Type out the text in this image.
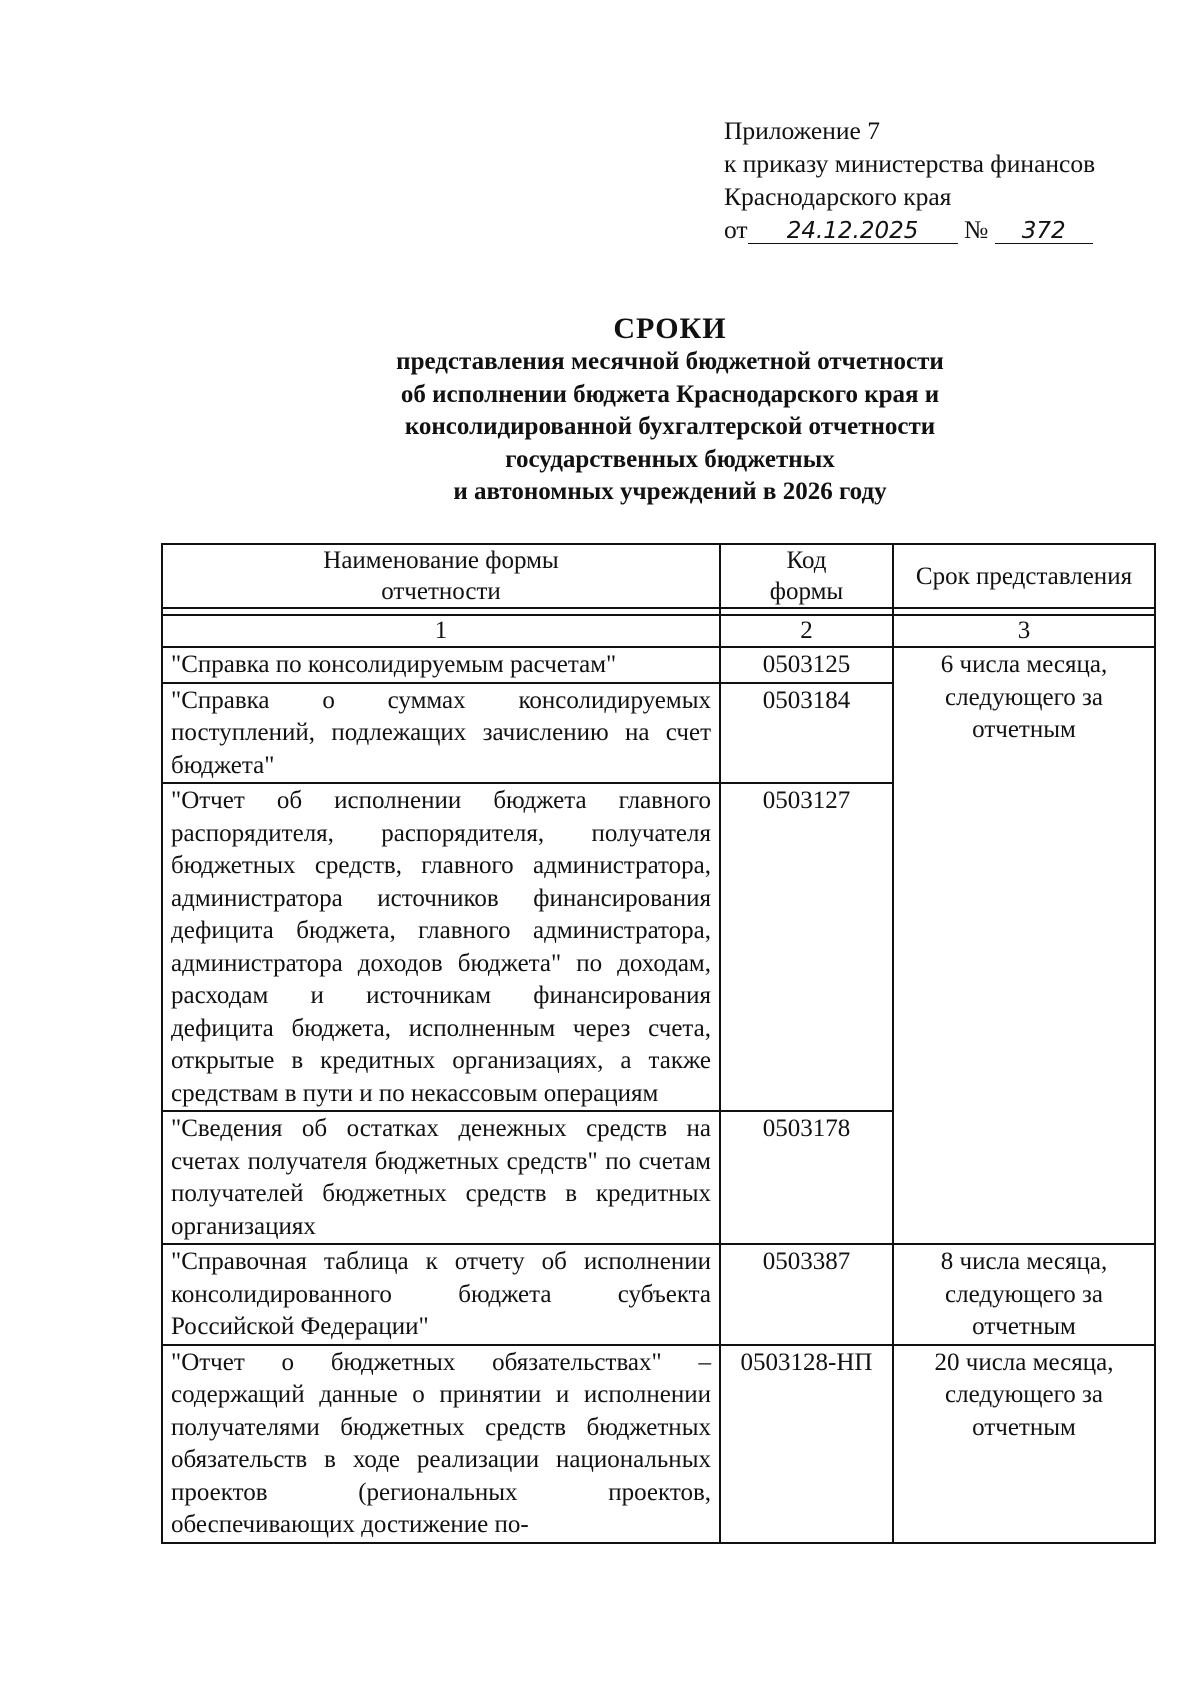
Приложение 7
к приказу министерства финансов
Краснодарского края
от 24.12.2025 № 372
СРОКИ
представления месячной бюджетной отчетности
об исполнении бюджета Краснодарского края и
консолидированной бухгалтерской отчетности
государственных бюджетных
и автономных учреждений в 2026 году
Наименование формы отчетности	Код формы	Срок представления

1	2	3
"Справка по консолидируемым расчетам"	0503125	6 числа месяца, следующего за отчетным
"Справка о суммах консолидируемых поступлений, подлежащих зачислению на счет бюджета"	0503184	
"Отчет об исполнении бюджета главного распорядителя, распорядителя, получателя бюджетных средств, главного администратора, администратора источников финансирования дефицита бюджета, главного администратора, администратора доходов бюджета" по доходам, расходам и источникам финансирования дефицита бюджета, исполненным через счета, открытые в кредитных организациях, а также средствам в пути и по некассовым операциям	0503127	
"Сведения об остатках денежных средств на счетах получателя бюджетных средств" по счетам получателей бюджетных средств в кредитных организациях	0503178	
"Справочная таблица к отчету об исполнении консолидированного бюджета субъекта Российской Федерации"	0503387	8 числа месяца, следующего за отчетным
"Отчет о бюджетных обязательствах" – содержащий данные о принятии и исполнении получателями бюджетных средств бюджетных обязательств в ходе реализации национальных проектов (региональных проектов, обеспечивающих достижение по-	0503128-НП	20 числа месяца, следующего за отчетным
